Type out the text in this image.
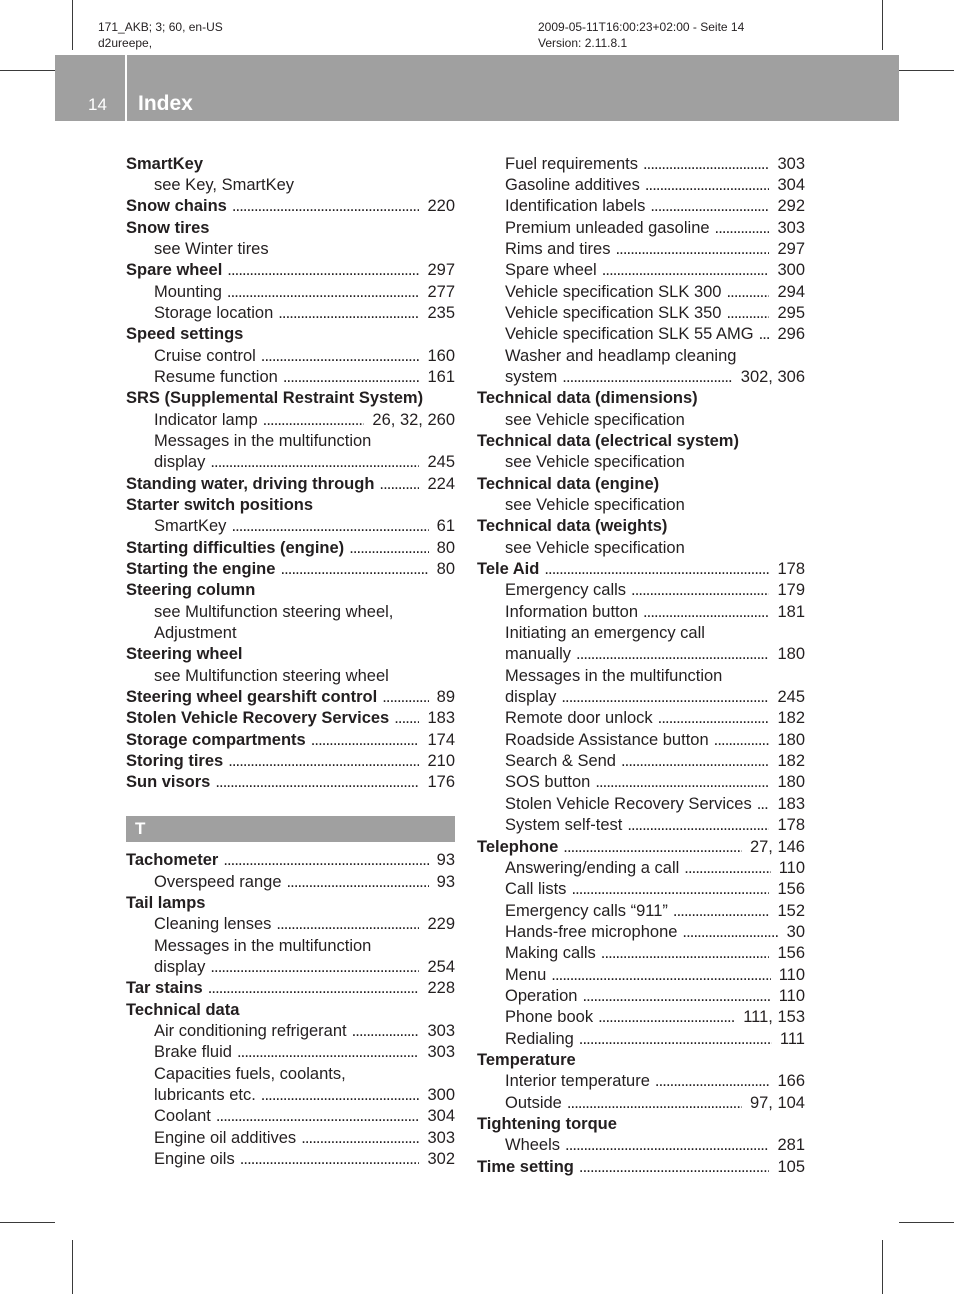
171_AKB; 3; 60, en-US
d2ureepe,
2009-05-11T16:00:23+02:00 - Seite 14
Version: 2.11.8.1
14 Index
SmartKey
see Key, SmartKey
Snow chains .....	220
Snow tires
see Winter tires
Spare wheel .....	297
Mounting .....	277
Storage location .....	235
Speed settings
Cruise control .....	160
Resume function .....	161
SRS (Supplemental Restraint System)
Indicator lamp .....	26, 32, 260
Messages in the multifunction
display .....	245
Standing water, driving through .....	224
Starter switch positions
SmartKey .....	61
Starting difficulties (engine) .....	80
Starting the engine .....	80
Steering column
see Multifunction steering wheel,
Adjustment
Steering wheel
see Multifunction steering wheel
Steering wheel gearshift control .....	89
Stolen Vehicle Recovery Services ..... 183
Storage compartments .....	174
Storing tires .....	210
Sun visors .....	176
T
Tachometer .....	93
Overspeed range .....	93
Tail lamps
Cleaning lenses .....	229
Messages in the multifunction
display .....	254
Tar stains .....	228
Technical data
Air conditioning refrigerant .....	303
Brake fluid .....	303
Capacities fuels, coolants,
lubricants etc. .....	300
Coolant .....	304
Engine oil additives .....	303
Engine oils .....	302
Fuel requirements .....	303
Gasoline additives .....	304
Identification labels .....	292
Premium unleaded gasoline .....	303
Rims and tires .....	297
Spare wheel .....	300
Vehicle specification SLK 300 .....	294
Vehicle specification SLK 350 .....	295
Vehicle specification SLK 55 AMG ..... 296
Washer and headlamp cleaning
system .....	302, 306
Technical data (dimensions)
see Vehicle specification
Technical data (electrical system)
see Vehicle specification
Technical data (engine)
see Vehicle specification
Technical data (weights)
see Vehicle specification
Tele Aid .....	178
Emergency calls .....	179
Information button .....	181
Initiating an emergency call
manually .....	180
Messages in the multifunction
display .....	245
Remote door unlock .....	182
Roadside Assistance button .....	180
Search & Send .....	182
SOS button .....	180
Stolen Vehicle Recovery Services ..... 183
System self-test .....	178
Telephone .....	27, 146
Answering/ending a call .....	110
Call lists .....	156
Emergency calls “911” .....	152
Hands-free microphone .....	30
Making calls .....	156
Menu .....	110
Operation .....	110
Phone book .....	111, 153
Redialing .....	111
Temperature
Interior temperature .....	166
Outside .....	97, 104
Tightening torque
Wheels .....	281
Time setting .....	105
